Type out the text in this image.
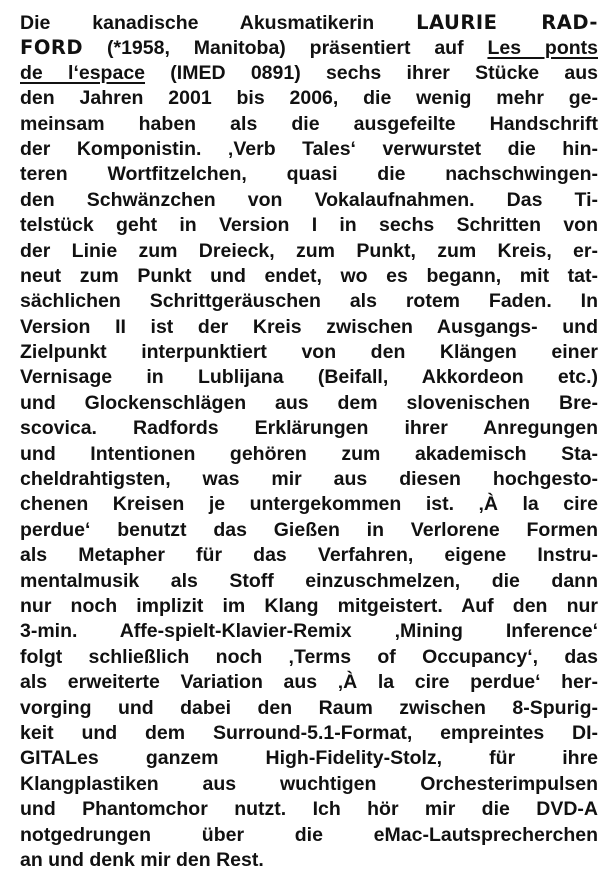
Die kanadische Akusmatikerin LAURIE RAD-
FORD (*1958, Manitoba) präsentiert auf Les ponts
de l‘espace (IMED 0891) sechs ihrer Stücke aus
den Jahren 2001 bis 2006, die wenig mehr ge-
meinsam haben als die ausgefeilte Handschrift
der Komponistin. ‚Verb Tales‘ verwurstet die hin-
teren Wortfitzelchen, quasi die nachschwingen-
den Schwänzchen von Vokalaufnahmen. Das Ti-
telstück geht in Version I in sechs Schritten von
der Linie zum Dreieck, zum Punkt, zum Kreis, er-
neut zum Punkt und endet, wo es begann, mit tat-
sächlichen Schrittgeräuschen als rotem Faden. In
Version II ist der Kreis zwischen Ausgangs- und
Zielpunkt interpunktiert von den Klängen einer
Vernisage in Lublijana (Beifall, Akkordeon etc.)
und Glockenschlägen aus dem slovenischen Bre-
scovica. Radfords Erklärungen ihrer Anregungen
und Intentionen gehören zum akademisch Sta-
cheldrahtigsten, was mir aus diesen hochgesto-
chenen Kreisen je untergekommen ist. ‚À la cire
perdue‘ benutzt das Gießen in Verlorene Formen
als Metapher für das Verfahren, eigene Instru-
mentalmusik als Stoff einzuschmelzen, die dann
nur noch implizit im Klang mitgeistert. Auf den nur
3-min. Affe-spielt-Klavier-Remix ‚Mining Inference‘
folgt schließlich noch ‚Terms of Occupancy‘, das
als erweiterte Variation aus ‚À la cire perdue‘ her-
vorging und dabei den Raum zwischen 8-Spurig-
keit und dem Surround-5.1-Format, empreintes DI-
GITALes ganzem High-Fidelity-Stolz, für ihre
Klangplastiken aus wuchtigen Orchesterimpulsen
und Phantomchor nutzt. Ich hör mir die DVD-A
notgedrungen über die eMac-Lautsprecherchen
an und denk mir den Rest.
